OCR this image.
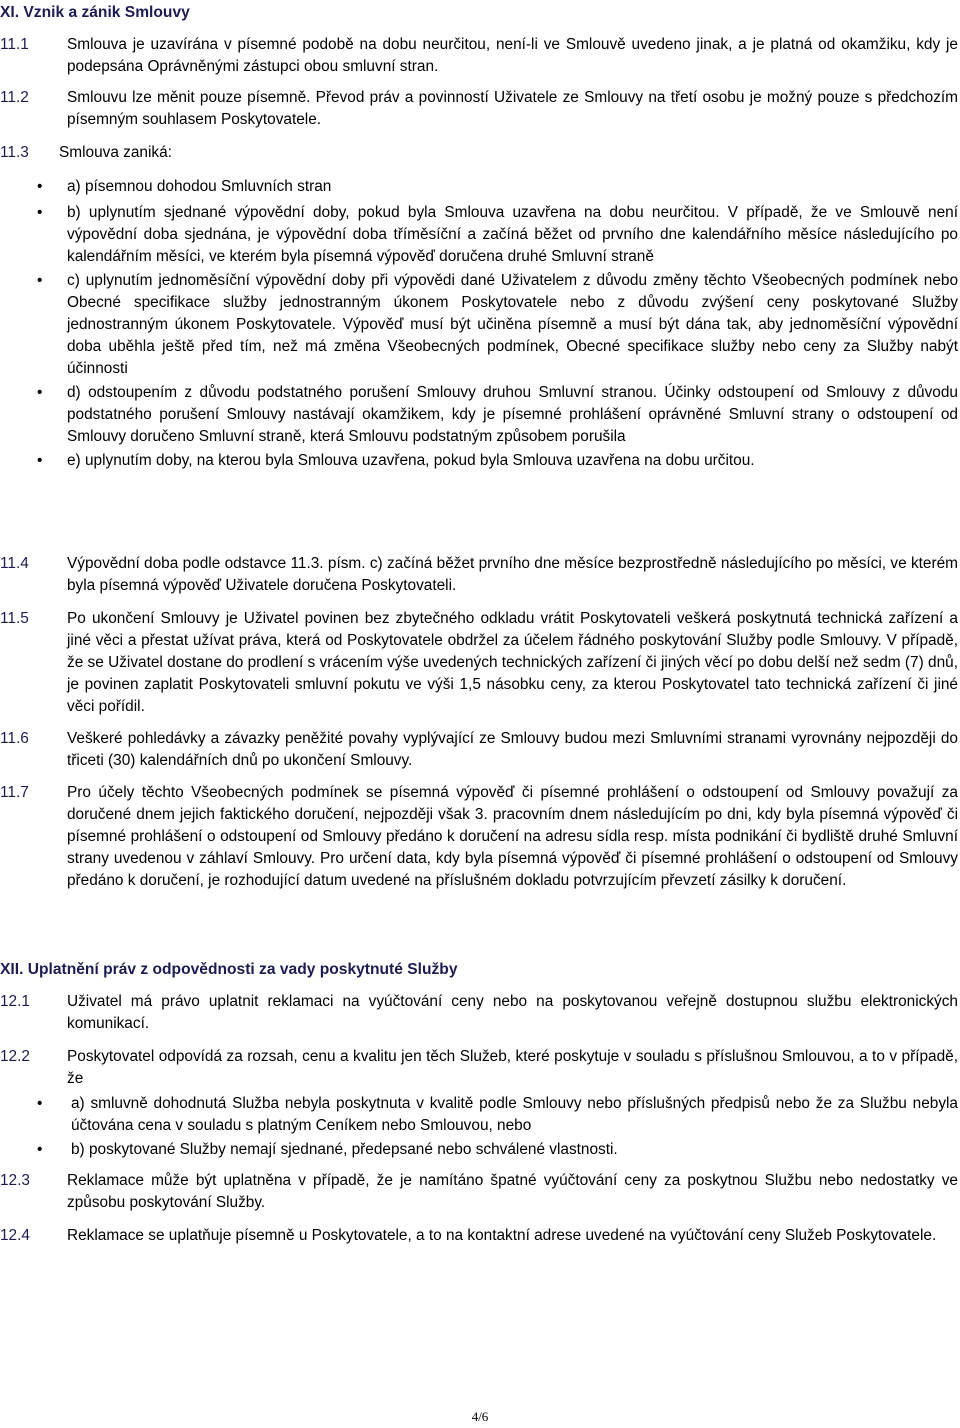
XI. Vznik a zánik Smlouvy
11.1 Smlouva je uzavírána v písemné podobě na dobu neurčitou, není-li ve Smlouvě uvedeno jinak, a je platná od okamžiku, kdy je podepsána Oprávněnými zástupci obou smluvní stran.
11.2 Smlouvu lze měnit pouze písemně. Převod práv a povinností Uživatele ze Smlouvy na třetí osobu je možný pouze s předchozím písemným souhlasem Poskytovatele.
11.3 Smlouva zaniká:
• a) písemnou dohodou Smluvních stran
• b) uplynutím sjednané výpovědní doby, pokud byla Smlouva uzavřena na dobu neurčitou. V případě, že ve Smlouvě není výpovědní doba sjednána, je výpovědní doba tříměsíční a začíná běžet od prvního dne kalendářního měsíce následujícího po kalendářním měsíci, ve kterém byla písemná výpověď doručena druhé Smluvní straně
• c) uplynutím jednoměsíční výpovědní doby při výpovědi dané Uživatelem z důvodu změny těchto Všeobecných podmínek nebo Obecné specifikace služby jednostranným úkonem Poskytovatele nebo z důvodu zvýšení ceny poskytované Služby jednostranným úkonem Poskytovatele. Výpověď musí být učiněna písemně a musí být dána tak, aby jednoměsíční výpovědní doba uběhla ještě před tím, než má změna Všeobecných podmínek, Obecné specifikace služby nebo ceny za Služby nabýt účinnosti
• d) odstoupením z důvodu podstatného porušení Smlouvy druhou Smluvní stranou. Účinky odstoupení od Smlouvy z důvodu podstatného porušení Smlouvy nastávají okamžikem, kdy je písemné prohlášení oprávněné Smluvní strany o odstoupení od Smlouvy doručeno Smluvní straně, která Smlouvu podstatným způsobem porušila
• e) uplynutím doby, na kterou byla Smlouva uzavřena, pokud byla Smlouva uzavřena na dobu určitou.
11.4 Výpovědní doba podle odstavce 11.3. písm. c) začíná běžet prvního dne měsíce bezprostředně následujícího po měsíci, ve kterém byla písemná výpověď Uživatele doručena Poskytovateli.
11.5 Po ukončení Smlouvy je Uživatel povinen bez zbytečného odkladu vrátit Poskytovateli veškerá poskytnutá technická zařízení a jiné věci a přestat užívat práva, která od Poskytovatele obdržel za účelem řádného poskytování Služby podle Smlouvy. V případě, že se Uživatel dostane do prodlení s vrácením výše uvedených technických zařízení či jiných věcí po dobu delší než sedm (7) dnů, je povinen zaplatit Poskytovateli smluvní pokutu ve výši 1,5 násobku ceny, za kterou Poskytovatel tato technická zařízení či jiné věci pořídil.
11.6 Veškeré pohledávky a závazky peněžité povahy vyplývající ze Smlouvy budou mezi Smluvními stranami vyrovnány nejpozději do třiceti (30) kalendářních dnů po ukončení Smlouvy.
11.7 Pro účely těchto Všeobecných podmínek se písemná výpověď či písemné prohlášení o odstoupení od Smlouvy považují za doručené dnem jejich faktického doručení, nejpozději však 3. pracovním dnem následujícím po dni, kdy byla písemná výpověď či písemné prohlášení o odstoupení od Smlouvy předáno k doručení na adresu sídla resp. místa podnikání či bydliště druhé Smluvní strany uvedenou v záhlaví Smlouvy. Pro určení data, kdy byla písemná výpověď či písemné prohlášení o odstoupení od Smlouvy předáno k doručení, je rozhodující datum uvedené na příslušném dokladu potvrzujícím převzetí zásilky k doručení.
XII. Uplatnění práv z odpovědnosti za vady poskytnuté Služby
12.1 Uživatel má právo uplatnit reklamaci na vyúčtování ceny nebo na poskytovanou veřejně dostupnou službu elektronických komunikací.
12.2 Poskytovatel odpovídá za rozsah, cenu a kvalitu jen těch Služeb, které poskytuje v souladu s příslušnou Smlouvou, a to v případě, že
• a) smluvně dohodnutá Služba nebyla poskytnuta v kvalitě podle Smlouvy nebo příslušných předpisů nebo že za Službu nebyla účtována cena v souladu s platným Ceníkem nebo Smlouvou, nebo
• b) poskytované Služby nemají sjednané, předepsané nebo schválené vlastnosti.
12.3 Reklamace může být uplatněna v případě, že je namítáno špatné vyúčtování ceny za poskytnou Službu nebo nedostatky ve způsobu poskytování Služby.
12.4 Reklamace se uplatňuje písemně u Poskytovatele, a to na kontaktní adrese uvedené na vyúčtování ceny Služeb Poskytovatele.
4/6
